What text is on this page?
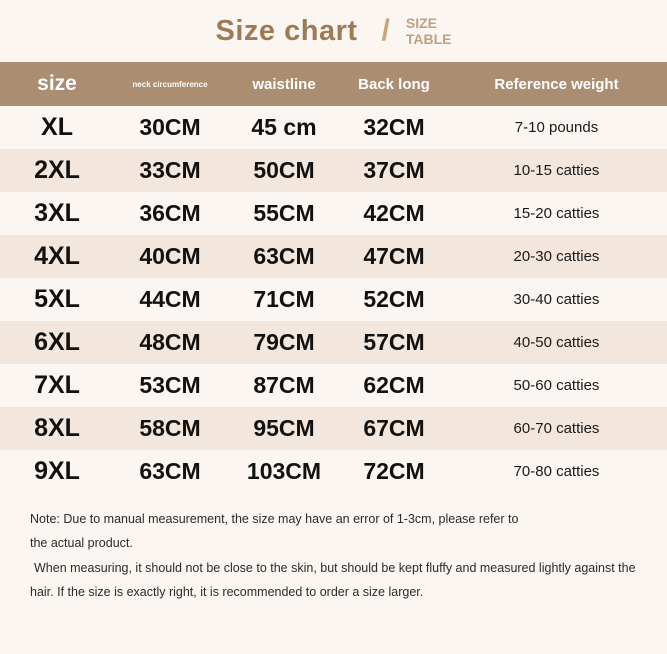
Size chart / SIZE
TABLE
size	neck circumference	waistline	Back long	Reference weight
XL	30CM	45 cm	32CM	7-10 pounds
2XL	33CM	50CM	37CM	10-15 catties
3XL	36CM	55CM	42CM	15-20 catties
4XL	40CM	63CM	47CM	20-30 catties
5XL	44CM	71CM	52CM	30-40 catties
6XL	48CM	79CM	57CM	40-50 catties
7XL	53CM	87CM	62CM	50-60 catties
8XL	58CM	95CM	67CM	60-70 catties
9XL	63CM	103CM	72CM	70-80 catties

Note: Due to manual measurement, the size may have an error of 1-3cm, please refer to

the actual product.

When measuring, it should not be close to the skin, but should be kept fluffy and measured lightly against the

hair. If the size is exactly right, it is recommended to order a size larger.
